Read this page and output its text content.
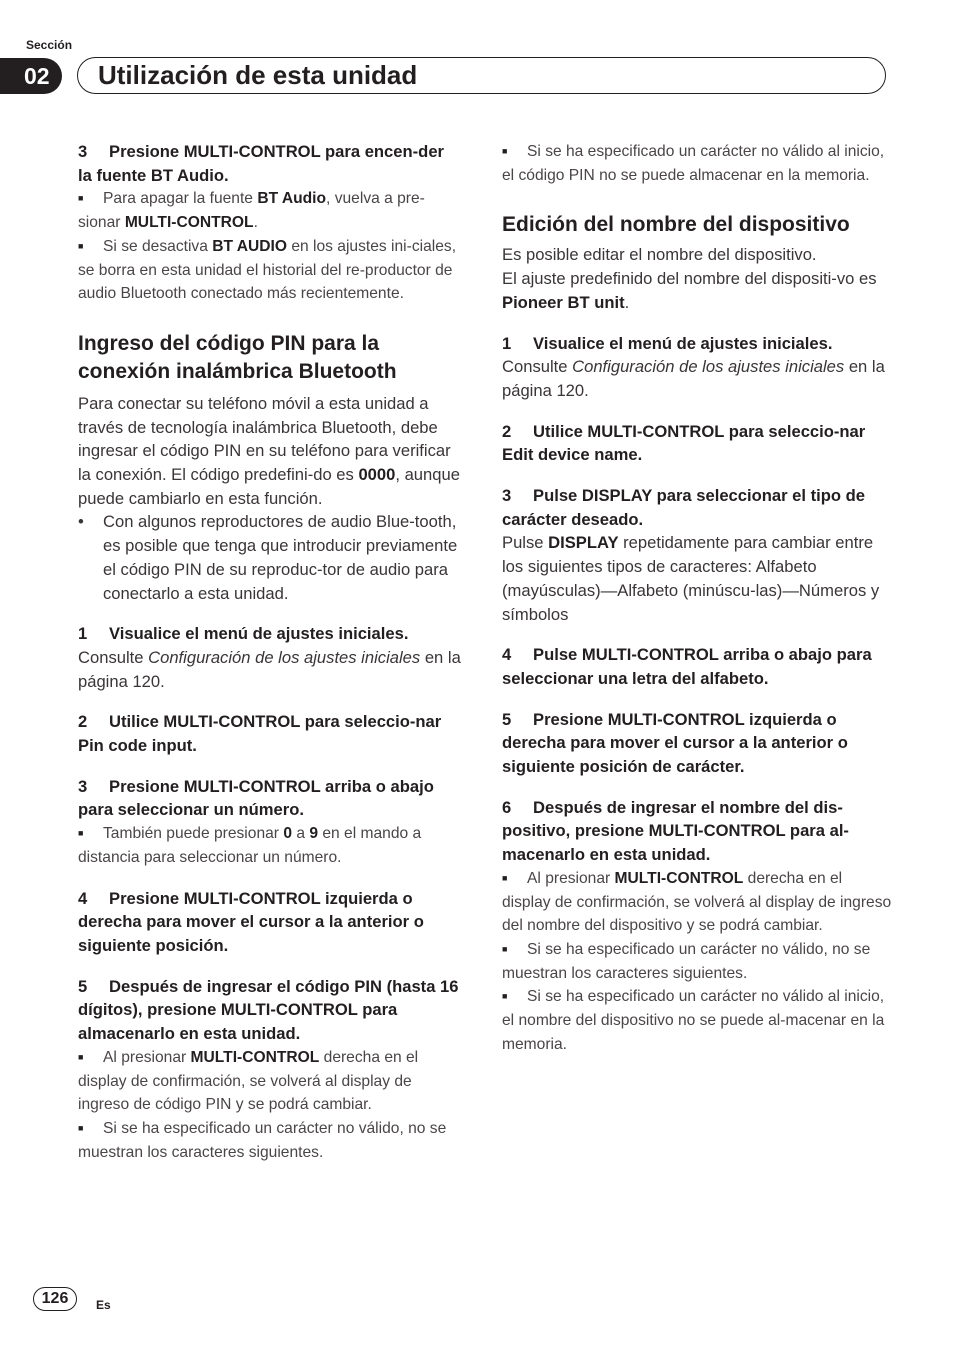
Sección
02	Utilización de esta unidad

3 Presione MULTI-CONTROL para encen-der la fuente BT Audio.

■ Para apagar la fuente BT Audio, vuelva a pre-sionar MULTI-CONTROL.

■ Si se desactiva BT AUDIO en los ajustes ini-ciales, se borra en esta unidad el historial del re-productor de audio Bluetooth conectado más recientemente.

Ingreso del código PIN para la conexión inalámbrica Bluetooth

Para conectar su teléfono móvil a esta unidad a través de tecnología inalámbrica Bluetooth, debe ingresar el código PIN en su teléfono para verificar la conexión. El código predefini-do es 0000, aunque puede cambiarlo en esta función.

• Con algunos reproductores de audio Blue-tooth, es posible que tenga que introducir previamente el código PIN de su reproduc-tor de audio para conectarlo a esta unidad.

1 Visualice el menú de ajustes iniciales.

Consulte Configuración de los ajustes iniciales en la página 120.

2 Utilice MULTI-CONTROL para seleccio-nar Pin code input.

3 Presione MULTI-CONTROL arriba o abajo para seleccionar un número.

■ También puede presionar 0 a 9 en el mando a distancia para seleccionar un número.

4 Presione MULTI-CONTROL izquierda o derecha para mover el cursor a la anterior o siguiente posición.

5 Después de ingresar el código PIN (hasta 16 dígitos), presione MULTI-CONTROL para almacenarlo en esta unidad.

■ Al presionar MULTI-CONTROL derecha en el display de confirmación, se volverá al display de ingreso de código PIN y se podrá cambiar.

■ Si se ha especificado un carácter no válido, no se muestran los caracteres siguientes.

■ Si se ha especificado un carácter no válido al inicio, el código PIN no se puede almacenar en la memoria.

Edición del nombre del dispositivo

Es posible editar el nombre del dispositivo.

El ajuste predefinido del nombre del dispositi-vo es Pioneer BT unit.

1 Visualice el menú de ajustes iniciales.

Consulte Configuración de los ajustes iniciales en la página 120.

2 Utilice MULTI-CONTROL para seleccio-nar Edit device name.

3 Pulse DISPLAY para seleccionar el tipo de carácter deseado.

Pulse DISPLAY repetidamente para cambiar entre los siguientes tipos de caracteres: Alfabeto (mayúsculas)—Alfabeto (minúscu-las)—Números y símbolos

4 Pulse MULTI-CONTROL arriba o abajo para seleccionar una letra del alfabeto.

5 Presione MULTI-CONTROL izquierda o derecha para mover el cursor a la anterior o siguiente posición de carácter.

6 Después de ingresar el nombre del dis-positivo, presione MULTI-CONTROL para al-macenarlo en esta unidad.

■ Al presionar MULTI-CONTROL derecha en el display de confirmación, se volverá al display de ingreso del nombre del dispositivo y se podrá cambiar.

■ Si se ha especificado un carácter no válido, no se muestran los caracteres siguientes.

■ Si se ha especificado un carácter no válido al inicio, el nombre del dispositivo no se puede al-macenar en la memoria.

126	Es
